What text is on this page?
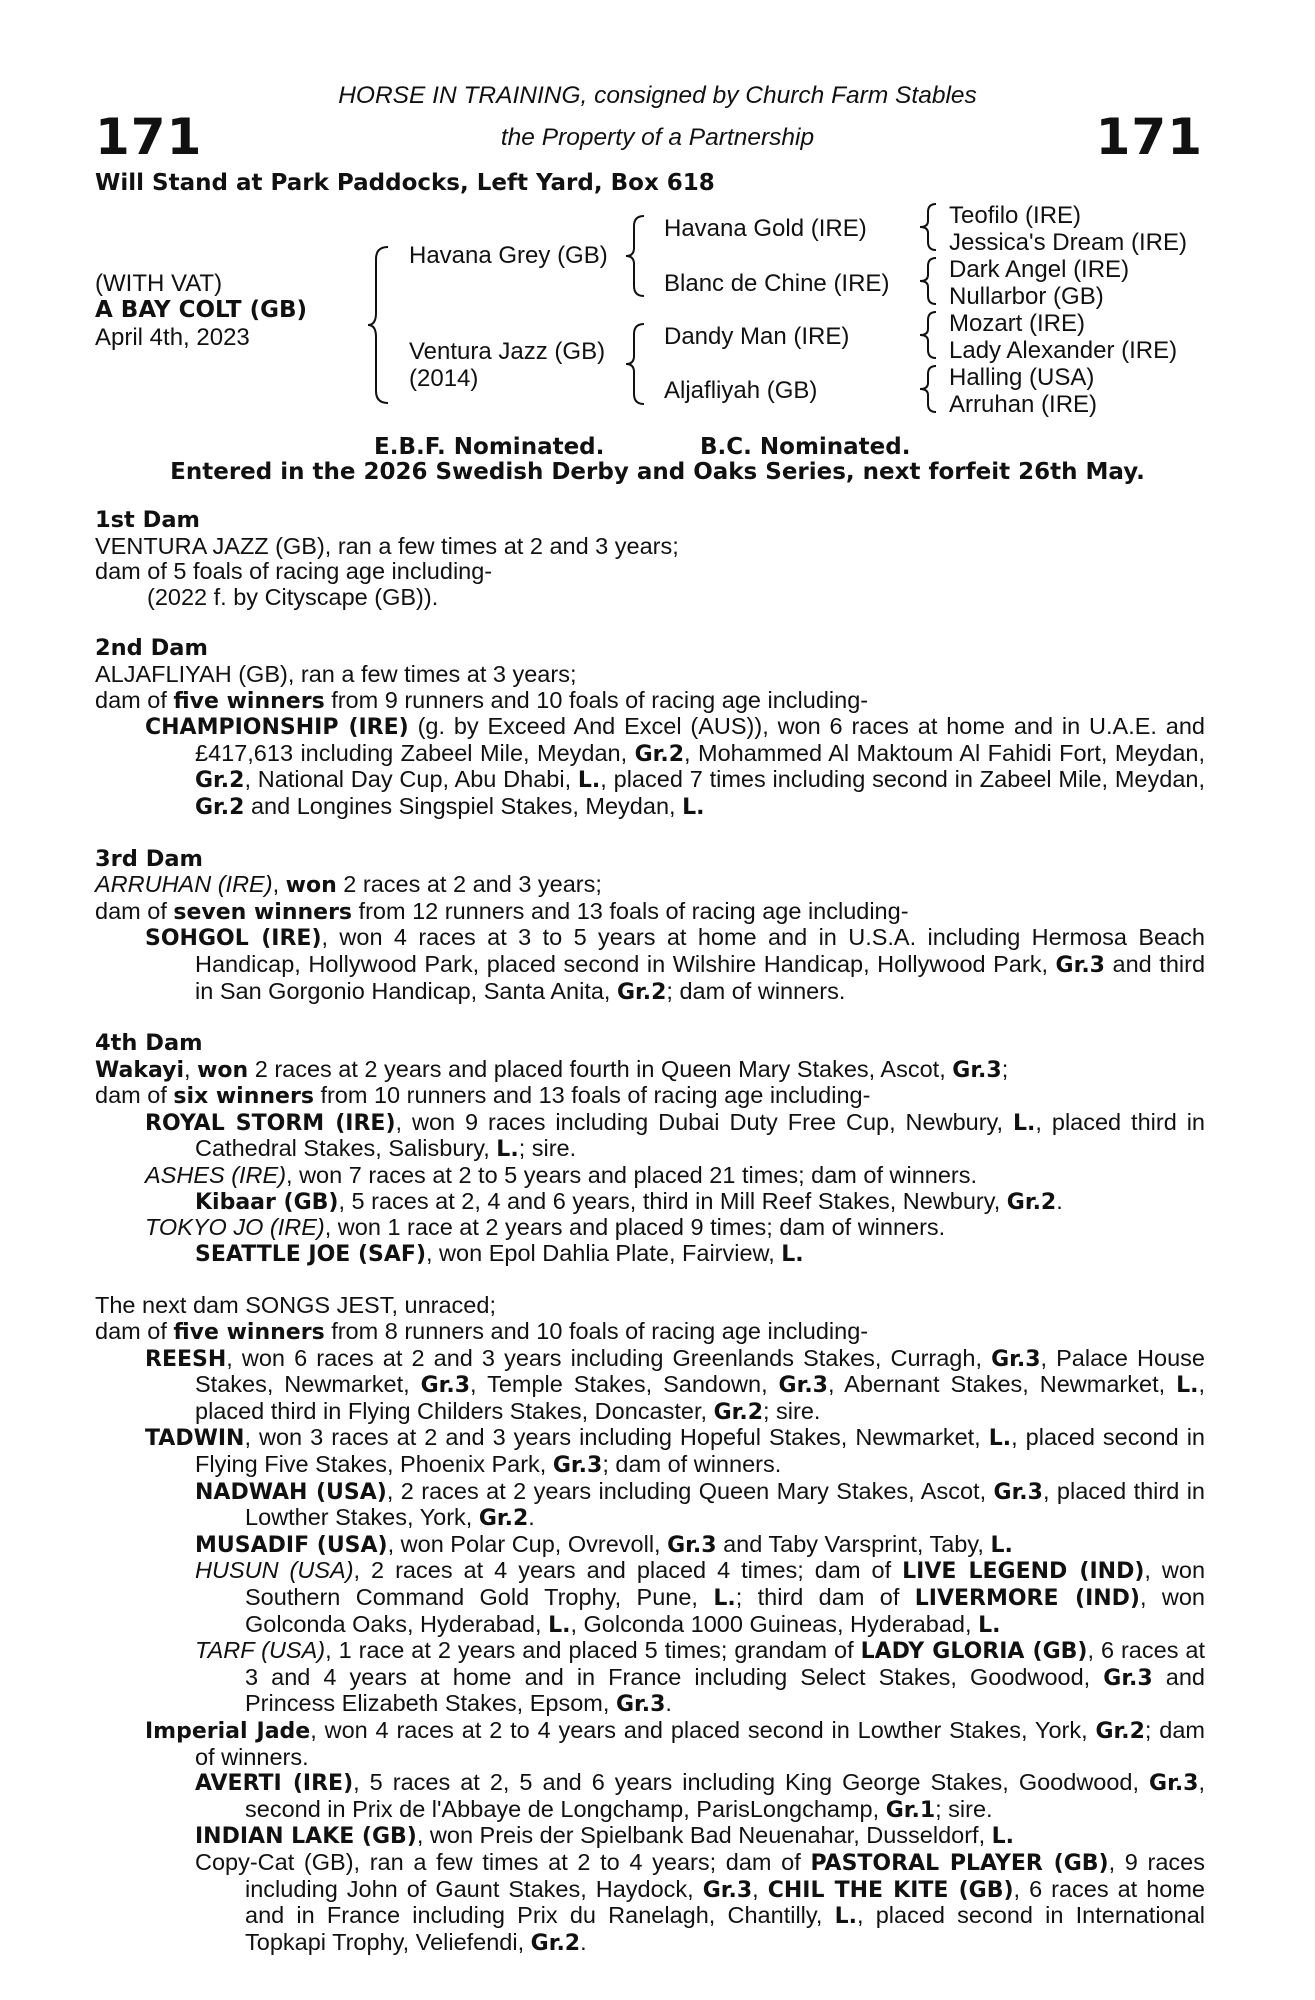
171	171
HORSE IN TRAINING, consigned by Church Farm Stables
the Property of a Partnership
Will Stand at Park Paddocks, Left Yard, Box 618
(WITH VAT)
A BAY COLT (GB)
April 4th, 2023
Havana Grey (GB)
Ventura Jazz (GB)
(2014)
Havana Gold (IRE)
Blanc de Chine (IRE)
Dandy Man (IRE)
Aljafliyah (GB)
Teofilo (IRE)
Jessica's Dream (IRE)
Dark Angel (IRE)
Nullarbor (GB)
Mozart (IRE)
Lady Alexander (IRE)
Halling (USA)
Arruhan (IRE)
E.B.F. Nominated.	B.C. Nominated.
Entered in the 2026 Swedish Derby and Oaks Series, next forfeit 26th May.

1st Dam

VENTURA JAZZ (GB), ran a few times at 2 and 3 years;

dam of 5 foals of racing age including-

(2022 f. by Cityscape (GB)).

2nd Dam

ALJAFLIYAH (GB), ran a few times at 3 years;

dam of five winners from 9 runners and 10 foals of racing age including-

CHAMPIONSHIP (IRE) (g. by Exceed And Excel (AUS)), won 6 races at home and in U.A.E. and £417,613 including Zabeel Mile, Meydan, Gr.2, Mohammed Al Maktoum Al Fahidi Fort, Meydan, Gr.2, National Day Cup, Abu Dhabi, L., placed 7 times including second in Zabeel Mile, Meydan, Gr.2 and Longines Singspiel Stakes, Meydan, L.

3rd Dam

ARRUHAN (IRE), won 2 races at 2 and 3 years;

dam of seven winners from 12 runners and 13 foals of racing age including-

SOHGOL (IRE), won 4 races at 3 to 5 years at home and in U.S.A. including Hermosa Beach Handicap, Hollywood Park, placed second in Wilshire Handicap, Hollywood Park, Gr.3 and third in San Gorgonio Handicap, Santa Anita, Gr.2; dam of winners.

4th Dam

Wakayi, won 2 races at 2 years and placed fourth in Queen Mary Stakes, Ascot, Gr.3;

dam of six winners from 10 runners and 13 foals of racing age including-

ROYAL STORM (IRE), won 9 races including Dubai Duty Free Cup, Newbury, L., placed third in Cathedral Stakes, Salisbury, L.; sire.

ASHES (IRE), won 7 races at 2 to 5 years and placed 21 times; dam of winners.

Kibaar (GB), 5 races at 2, 4 and 6 years, third in Mill Reef Stakes, Newbury, Gr.2.

TOKYO JO (IRE), won 1 race at 2 years and placed 9 times; dam of winners.

SEATTLE JOE (SAF), won Epol Dahlia Plate, Fairview, L.

The next dam SONGS JEST, unraced;

dam of five winners from 8 runners and 10 foals of racing age including-

REESH, won 6 races at 2 and 3 years including Greenlands Stakes, Curragh, Gr.3, Palace House Stakes, Newmarket, Gr.3, Temple Stakes, Sandown, Gr.3, Abernant Stakes, Newmarket, L., placed third in Flying Childers Stakes, Doncaster, Gr.2; sire.

TADWIN, won 3 races at 2 and 3 years including Hopeful Stakes, Newmarket, L., placed second in Flying Five Stakes, Phoenix Park, Gr.3; dam of winners.

NADWAH (USA), 2 races at 2 years including Queen Mary Stakes, Ascot, Gr.3, placed third in Lowther Stakes, York, Gr.2.

MUSADIF (USA), won Polar Cup, Ovrevoll, Gr.3 and Taby Varsprint, Taby, L.

HUSUN (USA), 2 races at 4 years and placed 4 times; dam of LIVE LEGEND (IND), won Southern Command Gold Trophy, Pune, L.; third dam of LIVERMORE (IND), won Golconda Oaks, Hyderabad, L., Golconda 1000 Guineas, Hyderabad, L.

TARF (USA), 1 race at 2 years and placed 5 times; grandam of LADY GLORIA (GB), 6 races at 3 and 4 years at home and in France including Select Stakes, Goodwood, Gr.3 and Princess Elizabeth Stakes, Epsom, Gr.3.

Imperial Jade, won 4 races at 2 to 4 years and placed second in Lowther Stakes, York, Gr.2; dam of winners.

AVERTI (IRE), 5 races at 2, 5 and 6 years including King George Stakes, Goodwood, Gr.3, second in Prix de l'Abbaye de Longchamp, ParisLongchamp, Gr.1; sire.

INDIAN LAKE (GB), won Preis der Spielbank Bad Neuenahar, Dusseldorf, L.

Copy-Cat (GB), ran a few times at 2 to 4 years; dam of PASTORAL PLAYER (GB), 9 races including John of Gaunt Stakes, Haydock, Gr.3, CHIL THE KITE (GB), 6 races at home and in France including Prix du Ranelagh, Chantilly, L., placed second in International Topkapi Trophy, Veliefendi, Gr.2.
